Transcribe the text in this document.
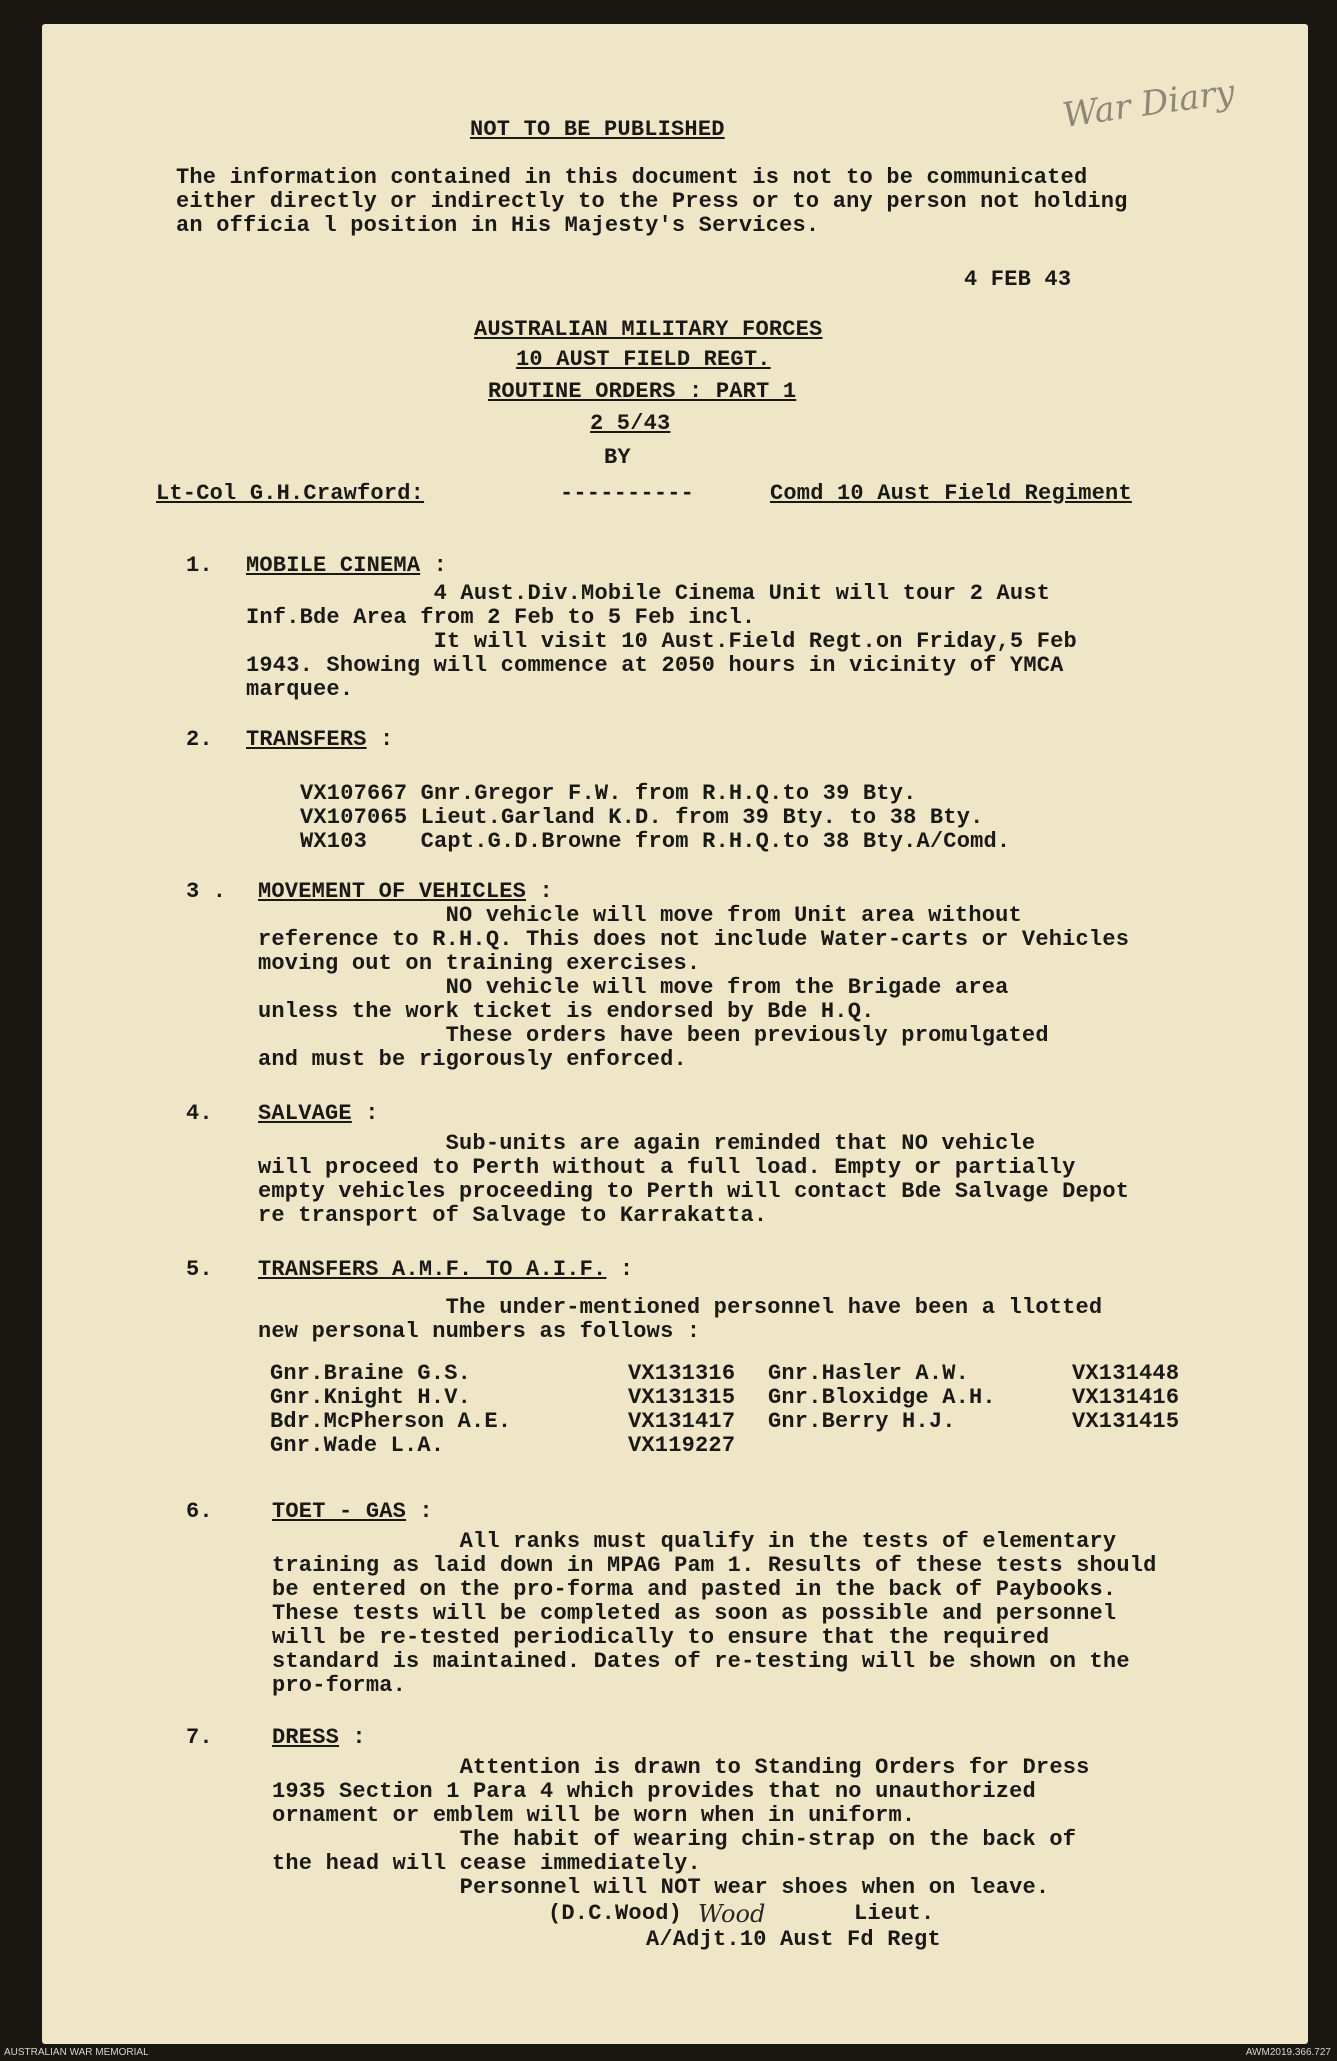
War Diary
NOT TO BE PUBLISHED
The information contained in this document is not to be communicated
either directly or indirectly to the Press or to any person not holding
an officia l position in His Majesty's Services.
4 FEB 43
AUSTRALIAN MILITARY FORCES
10 AUST FIELD REGT.
ROUTINE ORDERS : PART 1
2 5/43
BY
Lt-Col G.H.Crawford:	----------	Comd 10 Aust Field Regiment
1. MOBILE CINEMA :
4 Aust.Div.Mobile Cinema Unit will tour 2 Aust
Inf.Bde Area from 2 Feb to 5 Feb incl.
It will visit 10 Aust.Field Regt.on Friday,5 Feb
1943. Showing will commence at 2050 hours in vicinity of YMCA
marquee.
2. TRANSFERS :
VX107667 Gnr.Gregor F.W. from R.H.Q.to 39 Bty.
VX107065 Lieut.Garland K.D. from 39 Bty. to 38 Bty.
WX103    Capt.G.D.Browne from R.H.Q.to 38 Bty.A/Comd.
3 . MOVEMENT OF VEHICLES :
NO vehicle will move from Unit area without
reference to R.H.Q. This does not include Water-carts or Vehicles
moving out on training exercises.
NO vehicle will move from the Brigade area
unless the work ticket is endorsed by Bde H.Q.
These orders have been previously promulgated
and must be rigorously enforced.
4. SALVAGE :
Sub-units are again reminded that NO vehicle
will proceed to Perth without a full load. Empty or partially
empty vehicles proceeding to Perth will contact Bde Salvage Depot
re transport of Salvage to Karrakatta.
5. TRANSFERS A.M.F. TO A.I.F. :
The under-mentioned personnel have been a llotted
new personal numbers as follows :
Gnr.Braine G.S.	VX131316
Gnr.Knight H.V.	VX131315
Bdr.McPherson A.E.	VX131417
Gnr.Wade L.A.	VX119227
Gnr.Hasler A.W.	VX131448
Gnr.Bloxidge A.H.	VX131416
Gnr.Berry H.J.	VX131415
6.	TOET - GAS :
All ranks must qualify in the tests of elementary
training as laid down in MPAG Pam 1. Results of these tests should
be entered on the pro-forma and pasted in the back of Paybooks.
These tests will be completed as soon as possible and personnel
will be re-tested periodically to ensure that the required
standard is maintained. Dates of re-testing will be shown on the
pro-forma.
7.	DRESS :
Attention is drawn to Standing Orders for Dress
1935 Section 1 Para 4 which provides that no unauthorized
ornament or emblem will be worn when in uniform.
The habit of wearing chin-strap on the back of
the head will cease immediately.
Personnel will NOT wear shoes when on leave.
(D.C.Wood) Wood	Lieut.
A/Adjt.10 Aust Fd Regt
AUSTRALIAN WAR MEMORIAL	AWM2019.366.727
